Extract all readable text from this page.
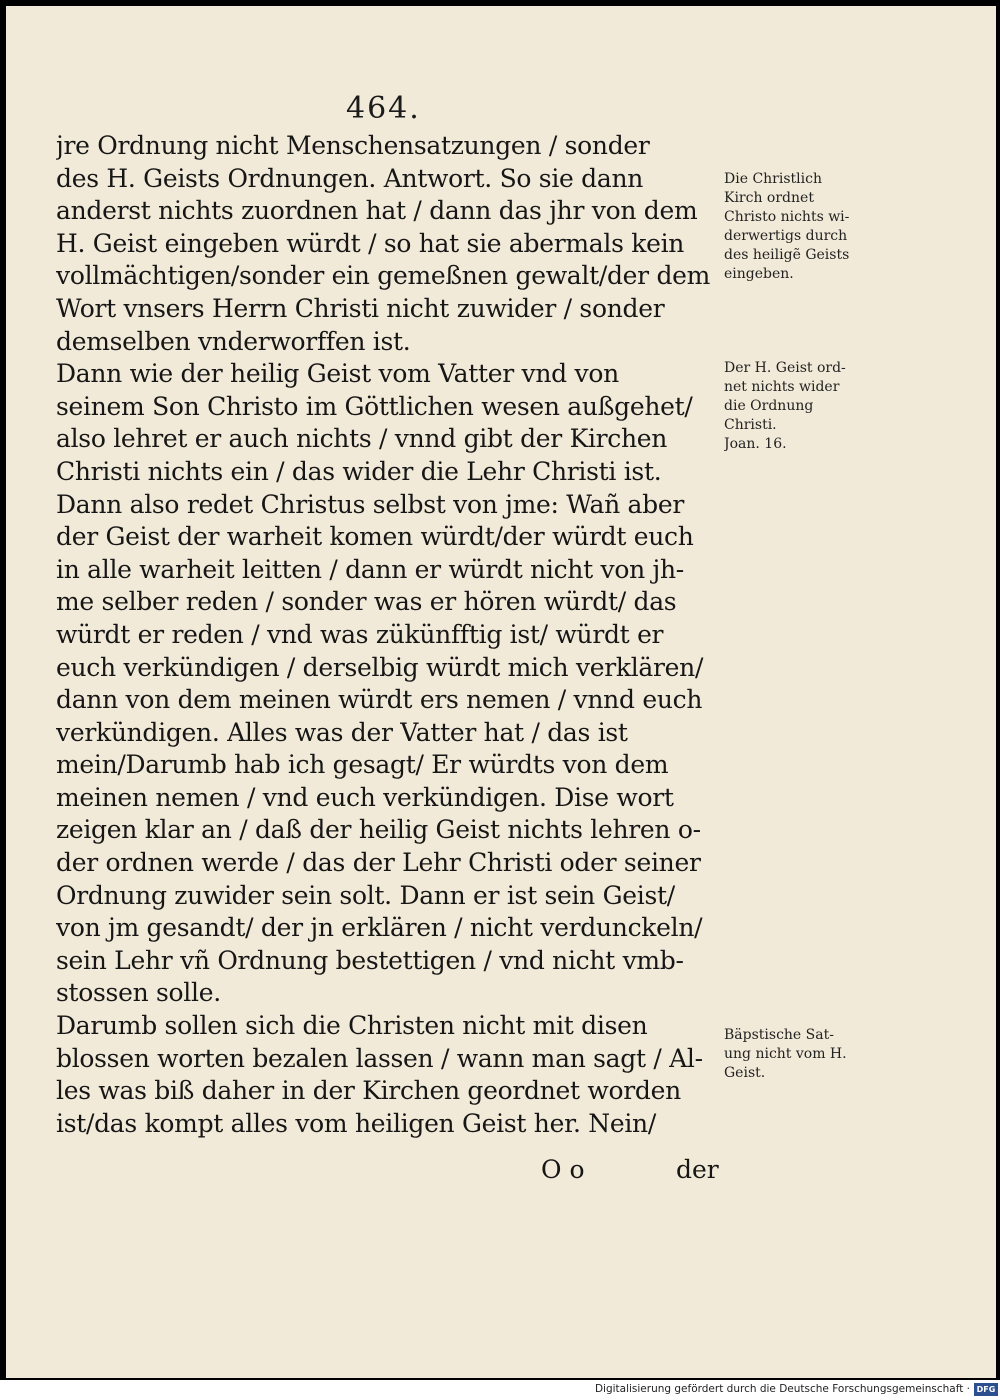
464.
jre Ordnung nicht Menschensatzungen / sonder
des H. Geists Ordnungen. Antwort. So sie dann
anderst nichts zuordnen hat / dann das jhr von dem
H. Geist eingeben würdt / so hat sie abermals kein
vollmächtigen/sonder ein gemeßnen gewalt/der dem
Wort vnsers Herrn Christi nicht zuwider / sonder
demselben vnderworffen ist.
Dann wie der heilig Geist vom Vatter vnd von
seinem Son Christo im Göttlichen wesen außgehet/
also lehret er auch nichts / vnnd gibt der Kirchen
Christi nichts ein / das wider die Lehr Christi ist.
Dann also redet Christus selbst von jme: Wañ aber
der Geist der warheit komen würdt/der würdt euch
in alle warheit leitten / dann er würdt nicht von jh-
me selber reden / sonder was er hören würdt/ das
würdt er reden / vnd was zükünfftig ist/ würdt er
euch verkündigen / derselbig würdt mich verklären/
dann von dem meinen würdt ers nemen / vnnd euch
verkündigen. Alles was der Vatter hat / das ist
mein/Darumb hab ich gesagt/ Er würdts von dem
meinen nemen / vnd euch verkündigen. Dise wort
zeigen klar an / daß der heilig Geist nichts lehren o-
der ordnen werde / das der Lehr Christi oder seiner
Ordnung zuwider sein solt. Dann er ist sein Geist/
von jm gesandt/ der jn erklären / nicht verdunckeln/
sein Lehr vñ Ordnung bestettigen / vnd nicht vmb-
stossen solle.
Darumb sollen sich die Christen nicht mit disen
blossen worten bezalen lassen / wann man sagt / Al-
les was biß daher in der Kirchen geordnet worden
ist/das kompt alles vom heiligen Geist her. Nein/
O o	der
Die Christlich
Kirch ordnet
Christo nichts wi-
derwertigs durch
des heiligẽ Geists
eingeben.
Der H. Geist ord-
net nichts wider
die Ordnung
Christi.
Joan. 16.
Bäpstische Sat-
ung nicht vom H.
Geist.
Digitalisierung gefördert durch die Deutsche Forschungsgemeinschaft · DFG
